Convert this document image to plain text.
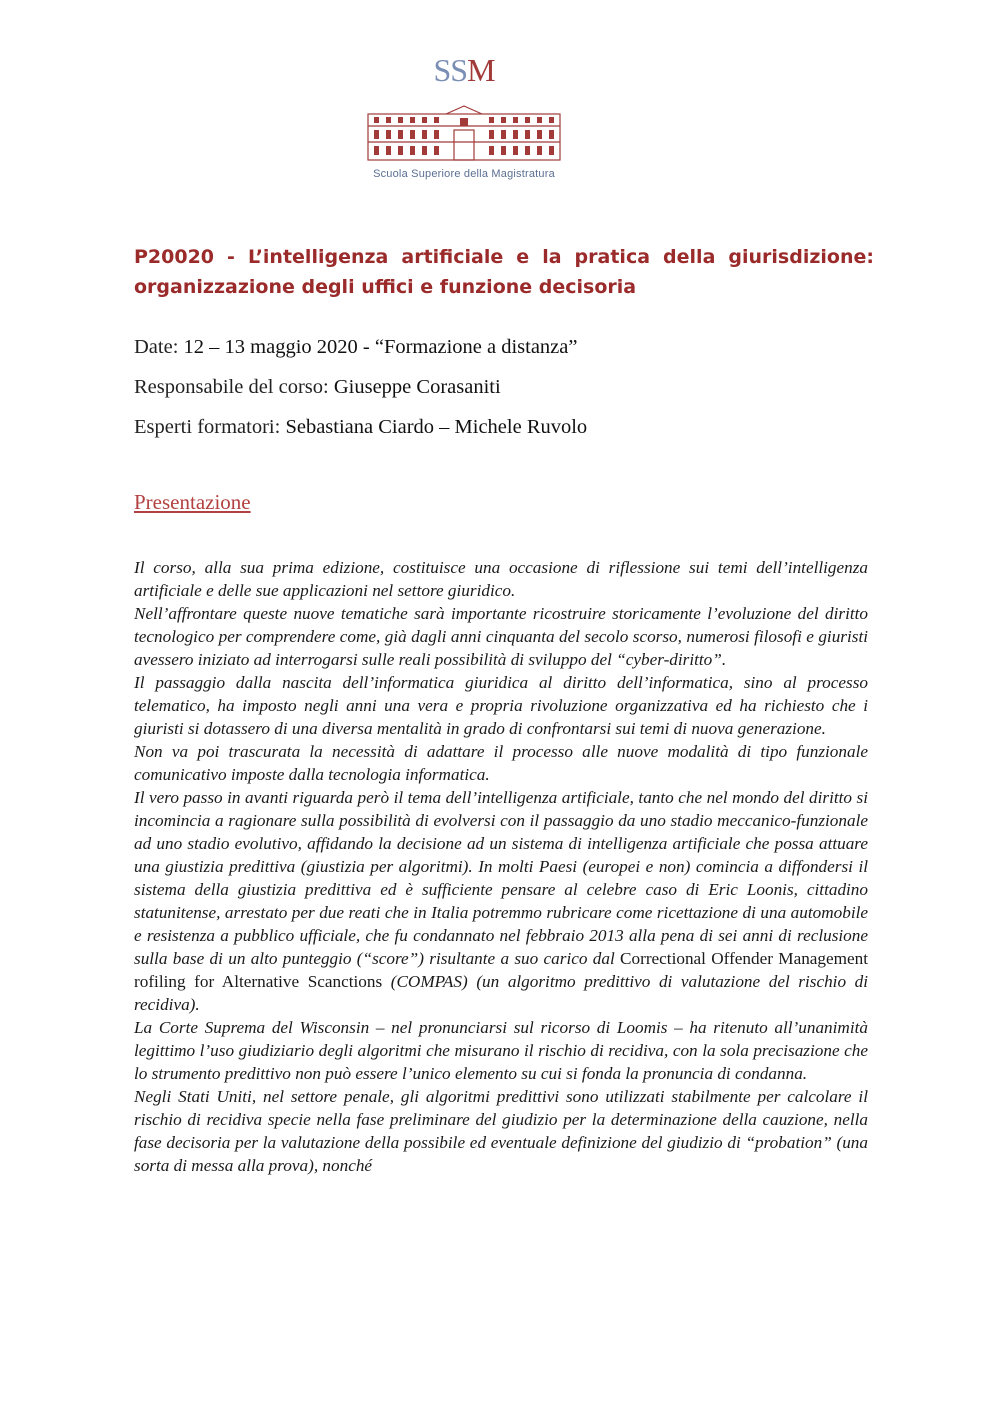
SSM
Scuola Superiore della Magistratura
P20020 - L’intelligenza artificiale e la pratica della giurisdizione: organizzazione degli uffici e funzione decisoria
Date: 12 – 13 maggio 2020 - “Formazione a distanza”
Responsabile del corso: Giuseppe Corasaniti
Esperti formatori: Sebastiana Ciardo – Michele Ruvolo
Presentazione

Il corso, alla sua prima edizione, costituisce una occasione di riflessione sui temi dell’intelligenza artificiale e delle sue applicazioni nel settore giuridico.

Nell’affrontare queste nuove tematiche sarà importante ricostruire storicamente l’evoluzione del diritto tecnologico per comprendere come, già dagli anni cinquanta del secolo scorso, numerosi filosofi e giuristi avessero iniziato ad interrogarsi sulle reali possibilità di sviluppo del “cyber-diritto”.

Il passaggio dalla nascita dell’informatica giuridica al diritto dell’informatica, sino al processo telematico, ha imposto negli anni una vera e propria rivoluzione organizzativa ed ha richiesto che i giuristi si dotassero di una diversa mentalità in grado di confrontarsi sui temi di nuova generazione.

Non va poi trascurata la necessità di adattare il processo alle nuove modalità di tipo funzionale comunicativo imposte dalla tecnologia informatica.

Il vero passo in avanti riguarda però il tema dell’intelligenza artificiale, tanto che nel mondo del diritto si incomincia a ragionare sulla possibilità di evolversi con il passaggio da uno stadio meccanico-funzionale ad uno stadio evolutivo, affidando la decisione ad un sistema di intelligenza artificiale che possa attuare una giustizia predittiva (giustizia per algoritmi). In molti Paesi (europei e non) comincia a diffondersi il sistema della giustizia predittiva ed è sufficiente pensare al celebre caso di Eric Loonis, cittadino statunitense, arrestato per due reati che in Italia potremmo rubricare come ricettazione di una automobile e resistenza a pubblico ufficiale, che fu condannato nel febbraio 2013 alla pena di sei anni di reclusione sulla base di un alto punteggio (“score”) risultante a suo carico dal Correctional Offender Management rofiling for Alternative Scanctions (COMPAS) (un algoritmo predittivo di valutazione del rischio di recidiva).

La Corte Suprema del Wisconsin – nel pronunciarsi sul ricorso di Loomis – ha ritenuto all’unanimità legittimo l’uso giudiziario degli algoritmi che misurano il rischio di recidiva, con la sola precisazione che lo strumento predittivo non può essere l’unico elemento su cui si fonda la pronuncia di condanna.

Negli Stati Uniti, nel settore penale, gli algoritmi predittivi sono utilizzati stabilmente per calcolare il rischio di recidiva specie nella fase preliminare del giudizio per la determinazione della cauzione, nella fase decisoria per la valutazione della possibile ed eventuale definizione del giudizio di “probation” (una sorta di messa alla prova), nonché
